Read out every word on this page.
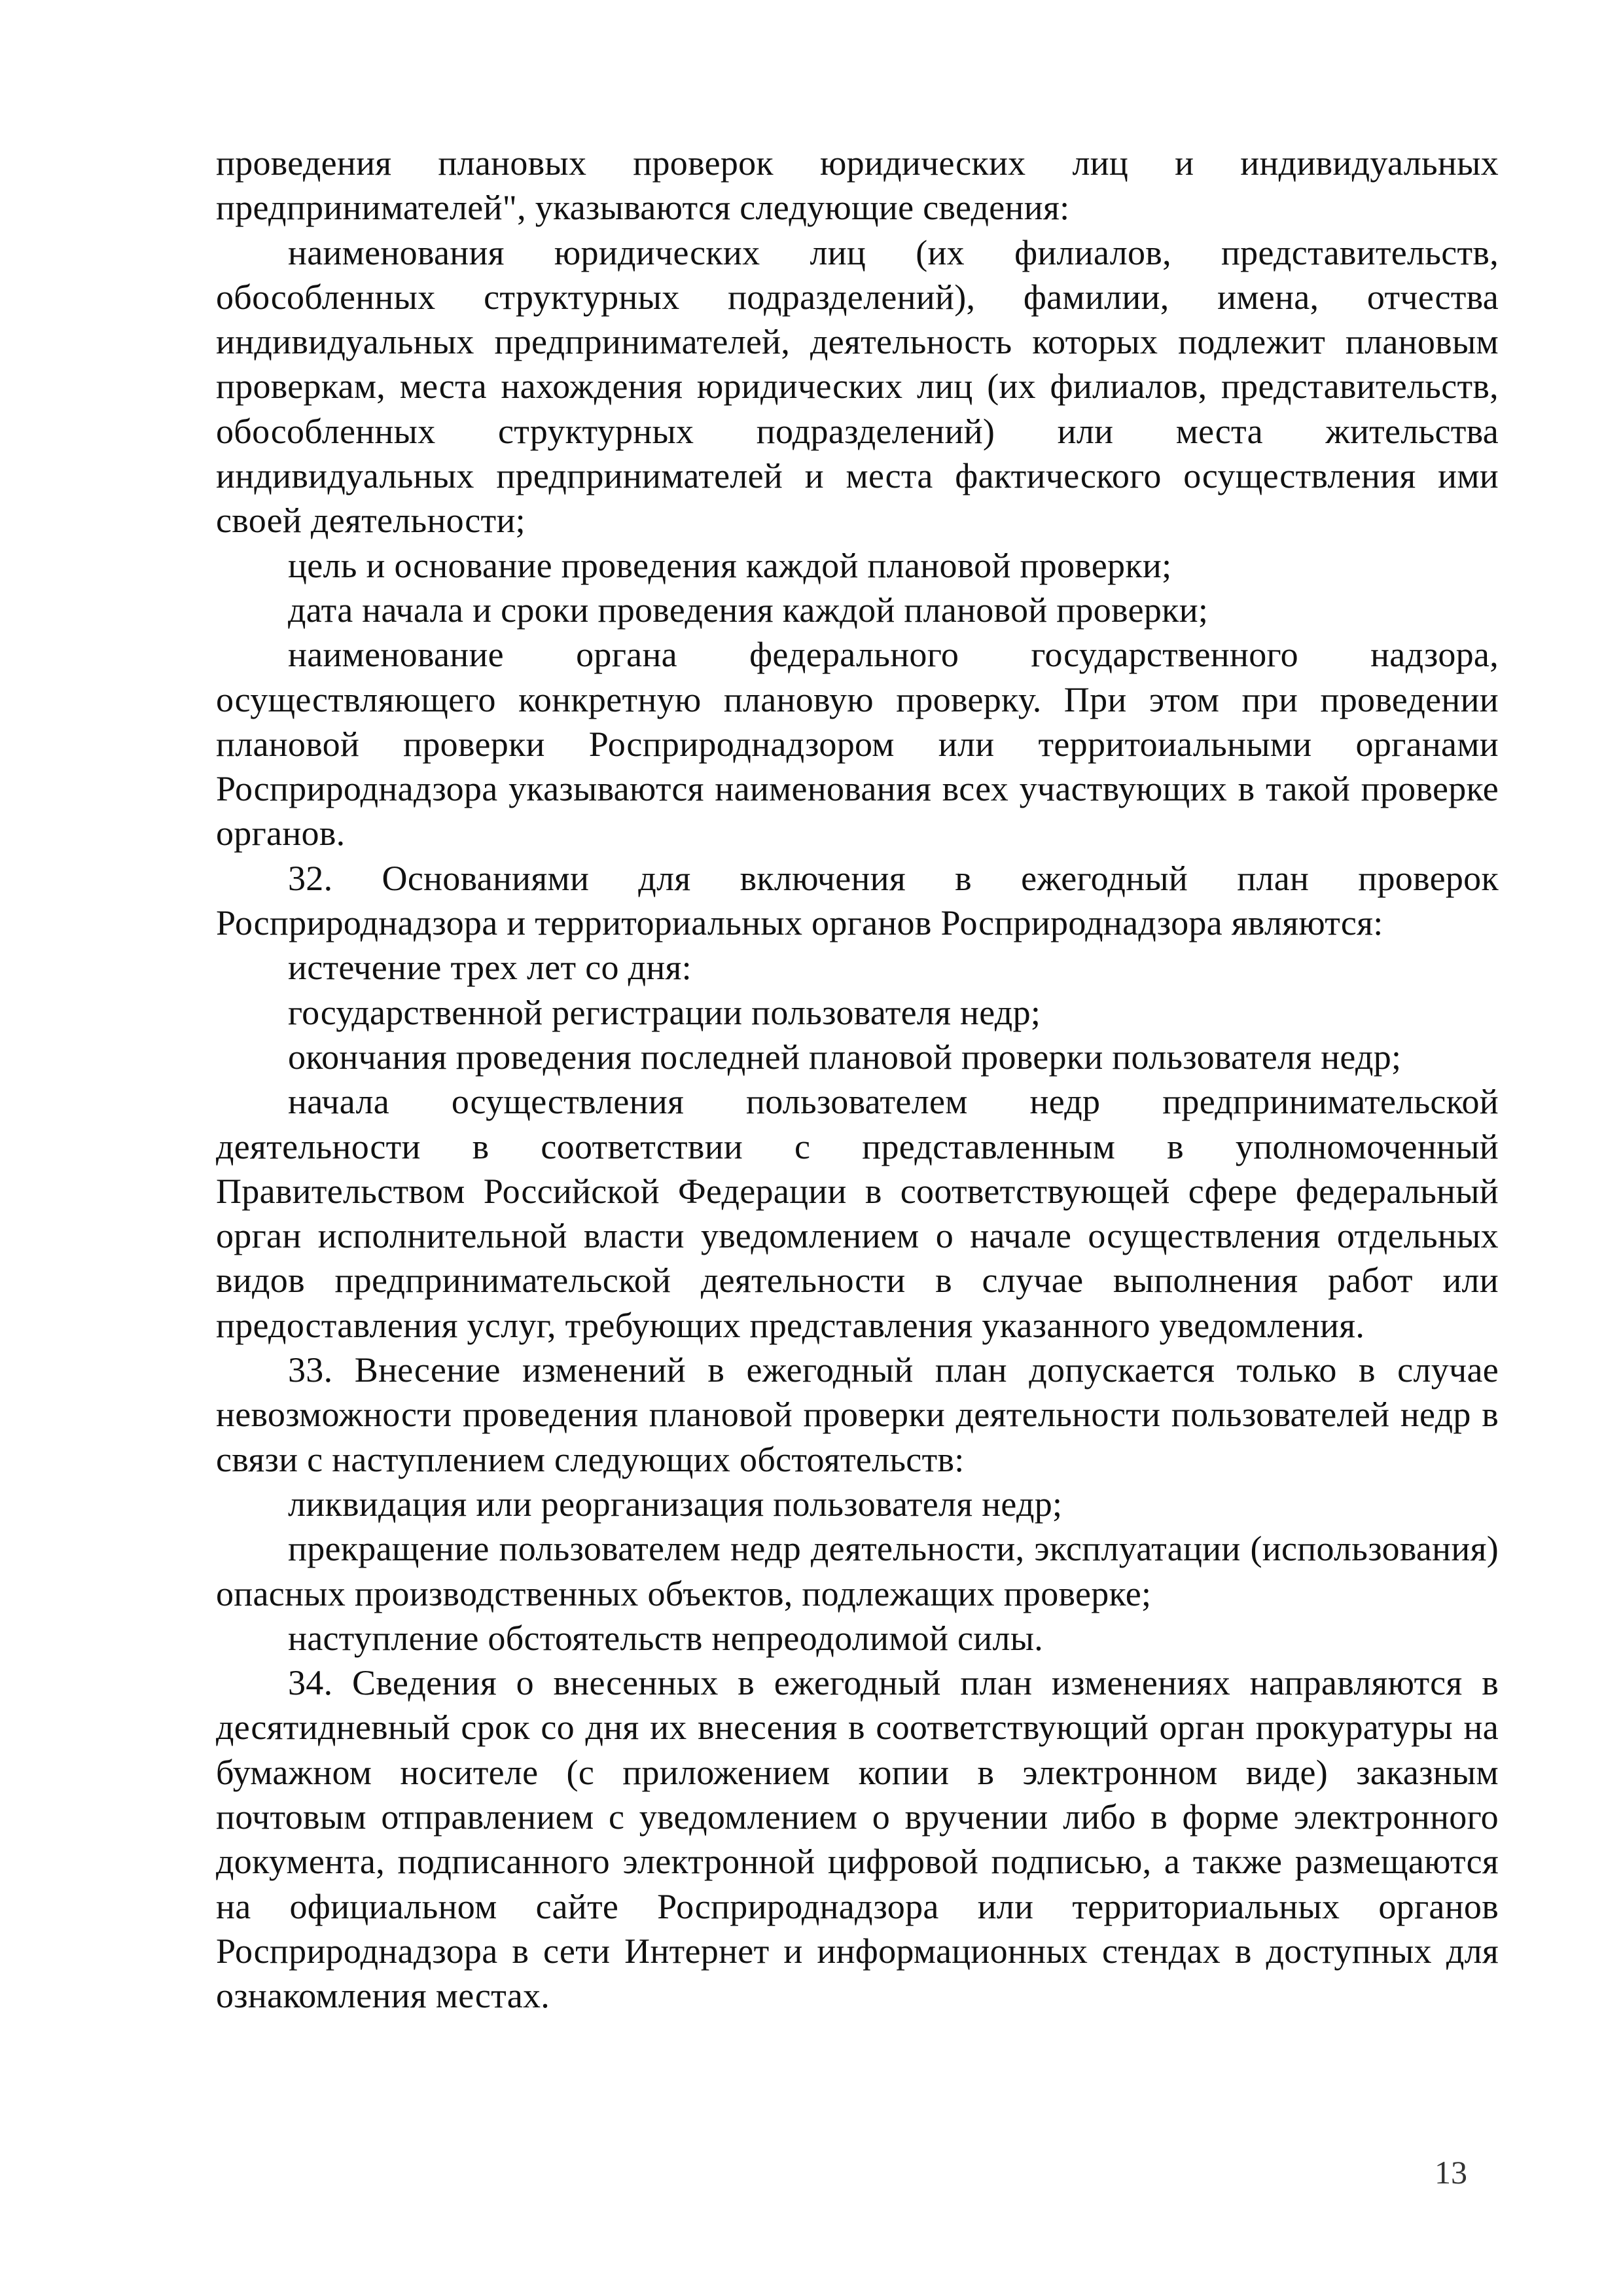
проведения плановых проверок юридических лиц и индивидуальных предпринимателей", указываются следующие сведения:

наименования юридических лиц (их филиалов, представительств, обособленных структурных подразделений), фамилии, имена, отчества индивидуальных предпринимателей, деятельность которых подлежит плановым проверкам, места нахождения юридических лиц (их филиалов, представительств, обособленных структурных подразделений) или места жительства индивидуальных предпринимателей и места фактического осуществления ими своей деятельности;

цель и основание проведения каждой плановой проверки;

дата начала и сроки проведения каждой плановой проверки;

наименование органа федерального государственного надзора, осуществляющего конкретную плановую проверку. При этом при проведении плановой проверки Росприроднадзором или территоиальными органами Росприроднадзора указываются наименования всех участвующих в такой проверке органов.

32. Основаниями для включения в ежегодный план проверок Росприроднадзора и территориальных органов Росприроднадзора являются:

истечение трех лет со дня:

государственной регистрации пользователя недр;

окончания проведения последней плановой проверки пользователя недр;

начала осуществления пользователем недр предпринимательской деятельности в соответствии с представленным в уполномоченный Правительством Российской Федерации в соответствующей сфере федеральный орган исполнительной власти уведомлением о начале осуществления отдельных видов предпринимательской деятельности в случае выполнения работ или предоставления услуг, требующих представления указанного уведомления.

33. Внесение изменений в ежегодный план допускается только в случае невозможности проведения плановой проверки деятельности пользователей недр в связи с наступлением следующих обстоятельств:

ликвидация или реорганизация пользователя недр;

прекращение пользователем недр деятельности, эксплуатации (использования) опасных производственных объектов, подлежащих проверке;

наступление обстоятельств непреодолимой силы.

34. Сведения о внесенных в ежегодный план изменениях направляются в десятидневный срок со дня их внесения в соответствующий орган прокуратуры на бумажном носителе (с приложением копии в электронном виде) заказным почтовым отправлением с уведомлением о вручении либо в форме электронного документа, подписанного электронной цифровой подписью, а также размещаются на официальном сайте Росприроднадзора или территориальных органов Росприроднадзора в сети Интернет и информационных стендах в доступных для ознакомления местах.

13
